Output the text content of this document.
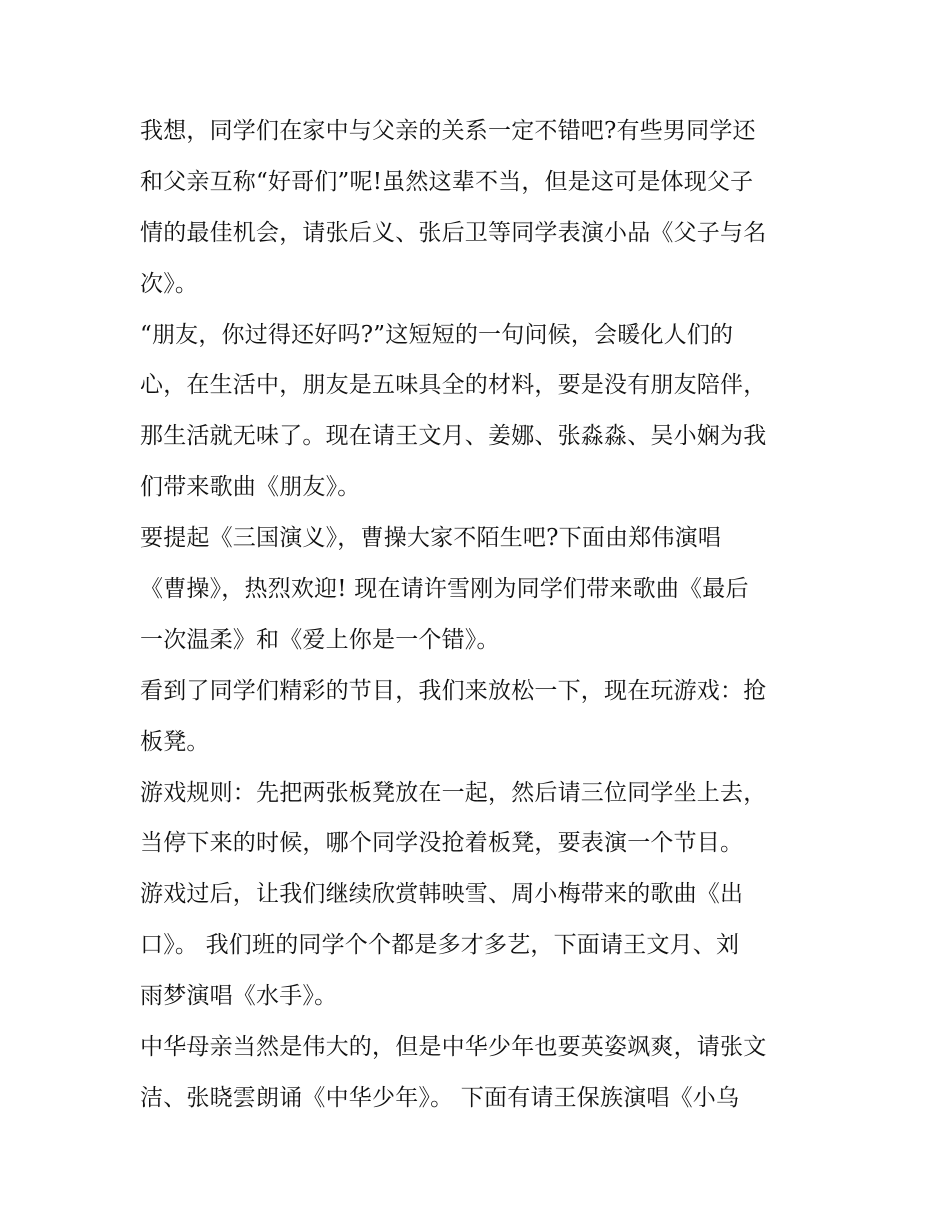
我想，同学们在家中与父亲的关系一定不错吧?有些男同学还
和父亲互称“好哥们”呢!虽然这辈不当，但是这可是体现父子
情的最佳机会，请张后义、张后卫等同学表演小品《父子与名
次》。
“朋友，你过得还好吗?”这短短的一句问候，会暖化人们的
心，在生活中，朋友是五味具全的材料，要是没有朋友陪伴，
那生活就无味了。现在请王文月、姜娜、张淼淼、吴小娴为我
们带来歌曲《朋友》。
要提起《三国演义》，曹操大家不陌生吧?下面由郑伟演唱
《曹操》，热烈欢迎! 现在请许雪刚为同学们带来歌曲《最后
一次温柔》和《爱上你是一个错》。
看到了同学们精彩的节目，我们来放松一下，现在玩游戏：抢
板凳。
游戏规则：先把两张板凳放在一起，然后请三位同学坐上去，
当停下来的时候，哪个同学没抢着板凳，要表演一个节目。
游戏过后，让我们继续欣赏韩映雪、周小梅带来的歌曲《出
口》。 我们班的同学个个都是多才多艺，下面请王文月、刘
雨梦演唱《水手》。
中华母亲当然是伟大的，但是中华少年也要英姿飒爽，请张文
洁、张晓雲朗诵《中华少年》。 下面有请王保族演唱《小乌
